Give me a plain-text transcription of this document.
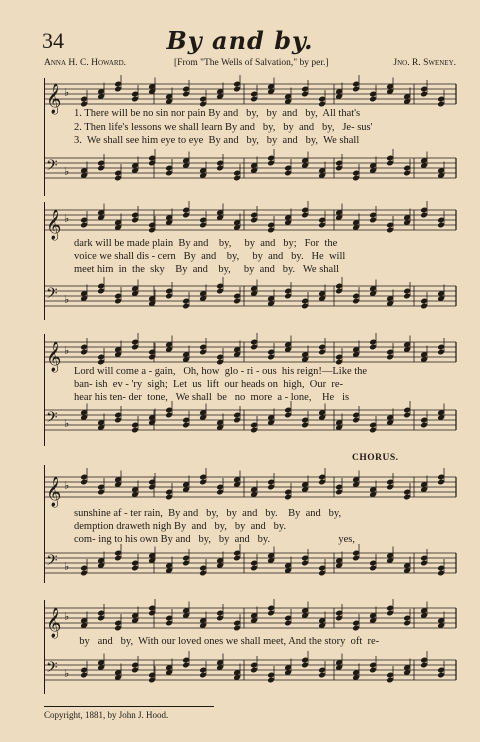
34	By and by.
Anna H. C. Howard.	[From "The Wells of Salvation," by per.]	Jno. R. Sweney.
𝄞 ♭
𝄢 ♭
1. There will be no sin nor pain By and   by,   by  and   by,  All that's
2. Then life's lessons we shall learn By and   by,   by  and   by,   Je- sus'
3.  We shall see him eye to eye  By and   by,   by  and   by,  We shall
𝄞 ♭
𝄢 ♭
dark will be made plain  By and    by,     by  and   by;   For  the
voice we shall dis - cern   By  and    by,     by  and   by.   He  will
meet him  in  the  sky    By  and    by,     by  and   by.   We shall
𝄞 ♭
𝄢 ♭
Lord will come a - gain,   Oh, how  glo - ri - ous  his reign!—Like the
ban- ish  ev - 'ry  sigh;  Let  us  lift  our heads on  high,  Our  re-
hear his ten- der  tone,   We shall  be   no  more  a - lone,    He   is
CHORUS.
𝄞 ♭
𝄢 ♭
sunshine af - ter rain,  By and   by,   by  and   by.    By  and   by,
demption draweth nigh By  and   by,   by  and   by.
com- ing to his own By and   by,   by  and   by.                          yes,
𝄞 ♭
𝄢 ♭
by   and   by,  With our loved ones we shall meet, And the story  oft  re-
Copyright, 1881, by John J. Hood.
